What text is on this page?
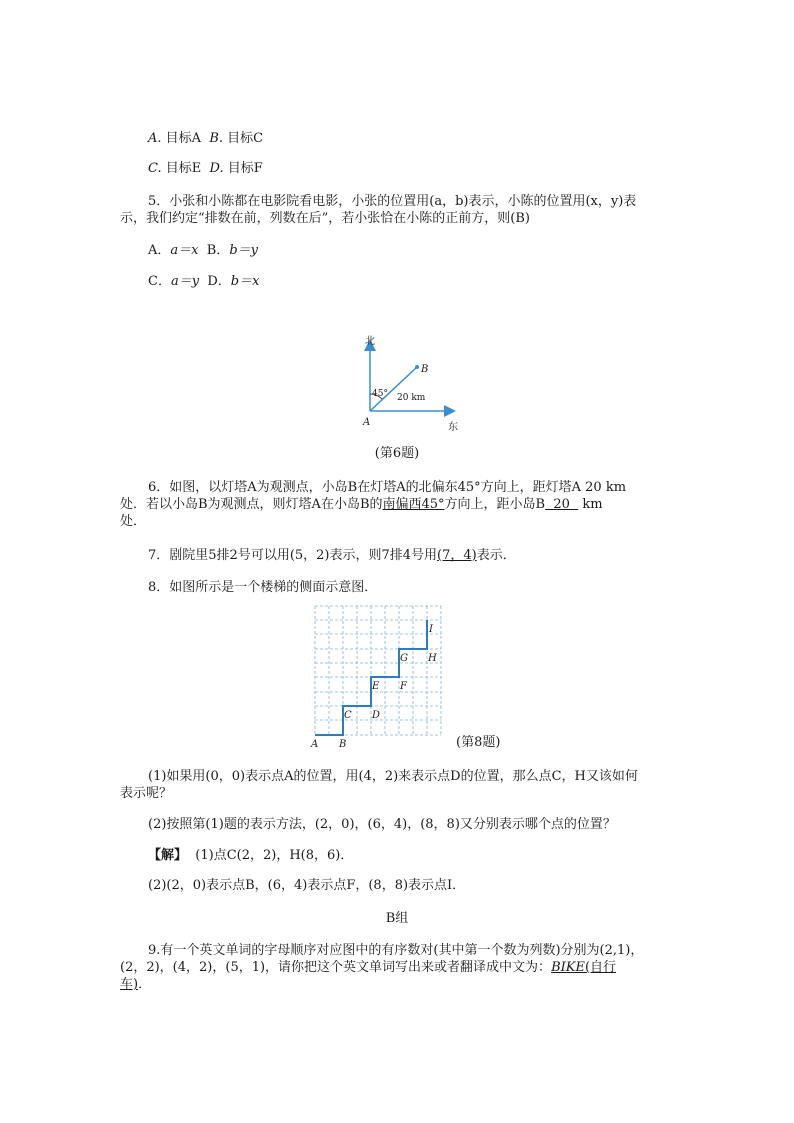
A. 目标A B. 目标C
C. 目标E D. 目标F
5．小张和小陈都在电影院看电影，小张的位置用(a，b)表示，小陈的位置用(x，y)表
示，我们约定“排数在前，列数在后”，若小张恰在小陈的正前方，则(B)
A．a＝x B．b＝y
C．a＝y D．b＝x
北
东
45° 20 km
A
B
(第6题)
6．如图，以灯塔A为观测点，小岛B在灯塔A的北偏东45°方向上，距灯塔A 20 km
处．若以小岛B为观测点，则灯塔A在小岛B的南偏西45°方向上，距小岛B 20 km
处．
7．剧院里5排2号可以用(5，2)表示，则7排4号用(7，4)表示．
8．如图所示是一个楼梯的侧面示意图．
A B
C D
E F
G H
I
(第8题)
(1)如果用(0，0)表示点A的位置，用(4，2)来表示点D的位置，那么点C，H又该如何
表示呢？
(2)按照第(1)题的表示方法，(2，0)，(6，4)，(8，8)又分别表示哪个点的位置？
【解】 (1)点C(2，2)，H(8，6)．
(2)(2，0)表示点B，(6，4)表示点F，(8，8)表示点I．
B组
9.有一个英文单词的字母顺序对应图中的有序数对(其中第一个数为列数)分别为(2,1)，
(2，2)，(4，2)，(5，1)，请你把这个英文单词写出来或者翻译成中文为：BIKE(自行
车)．
